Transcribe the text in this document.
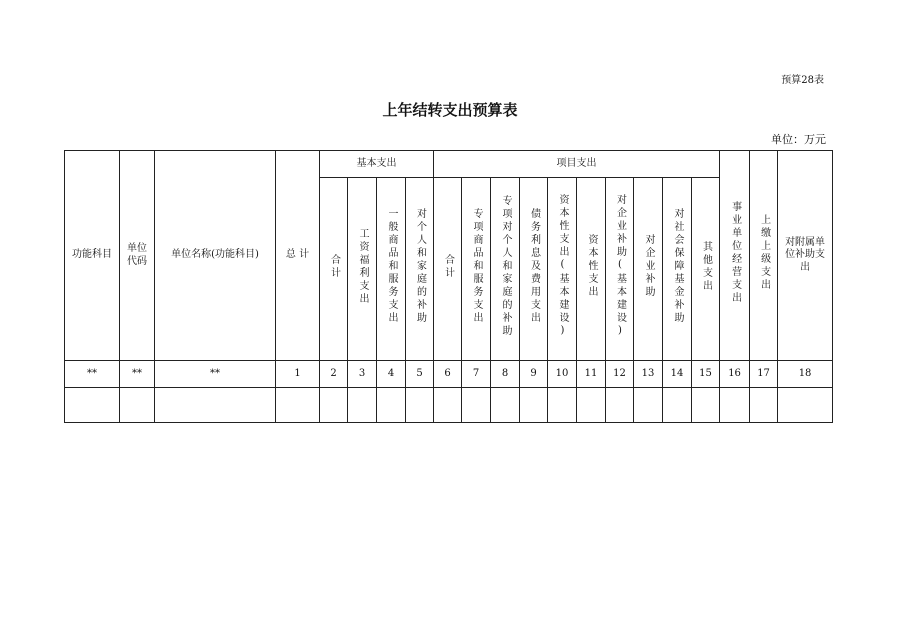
预算28表
上年结转支出预算表
单位：万元
功能科目	单位代码	单位名称(功能科目)	总 计	基本支出				项目支出										事业单位经营支出	上缴上级支出	对附属单位补助支出
				合计	工资福利支出	一般商品和服务支出	对个人和家庭的补助	合计	专项商品和服务支出	专项对个人和家庭的补助	债务利息及费用支出	资本性支出(基本建设)	资本性支出	对企业补助(基本建设)	对企业补助	对社会保障基金补助	其他支出			
**	**	**	1	2	3	4	5	6	7	8	9	10	11	12	13	14	15	16	17	18
